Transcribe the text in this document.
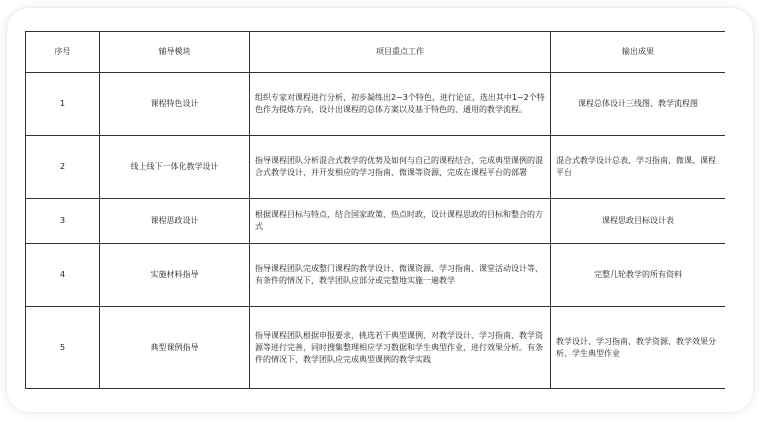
序号	辅导模块	项目重点工作	输出成果
1	课程特色设计	组织专家对课程进行分析，初步凝练出2~3个特色，进行论证，选出其中1~2个特色作为提炼方向，设计出课程的总体方案以及基于特色的、通用的教学流程。	课程总体设计三线图、教学流程图
2	线上线下一体化教学设计	指导课程团队分析混合式教学的优势及如何与自己的课程结合，完成典型课例的混合式教学设计，并开发相应的学习指南、微课等资源，完成在课程平台的部署	混合式教学设计总表、学习指南、微课、课程平台
3	课程思政设计	根据课程目标与特点，结合国家政策、热点时政，设计课程思政的目标和整合的方式	课程思政目标设计表
4	实施材料指导	指导课程团队完成整门课程的教学设计、微课资源、学习指南、课堂活动设计等，有条件的情况下，教学团队应部分或完整地实施一遍教学	完整几轮教学的所有资料
5	典型课例指导	指导课程团队根据申报要求，挑选若干典型课例，对教学设计、学习指南、教学资源等进行完善，同时搜集整理相应学习数据和学生典型作业，进行效果分析。有条件的情况下，教学团队应完成典型课例的教学实践	教学设计、学习指南、教学资源、教学效果分析、学生典型作业
